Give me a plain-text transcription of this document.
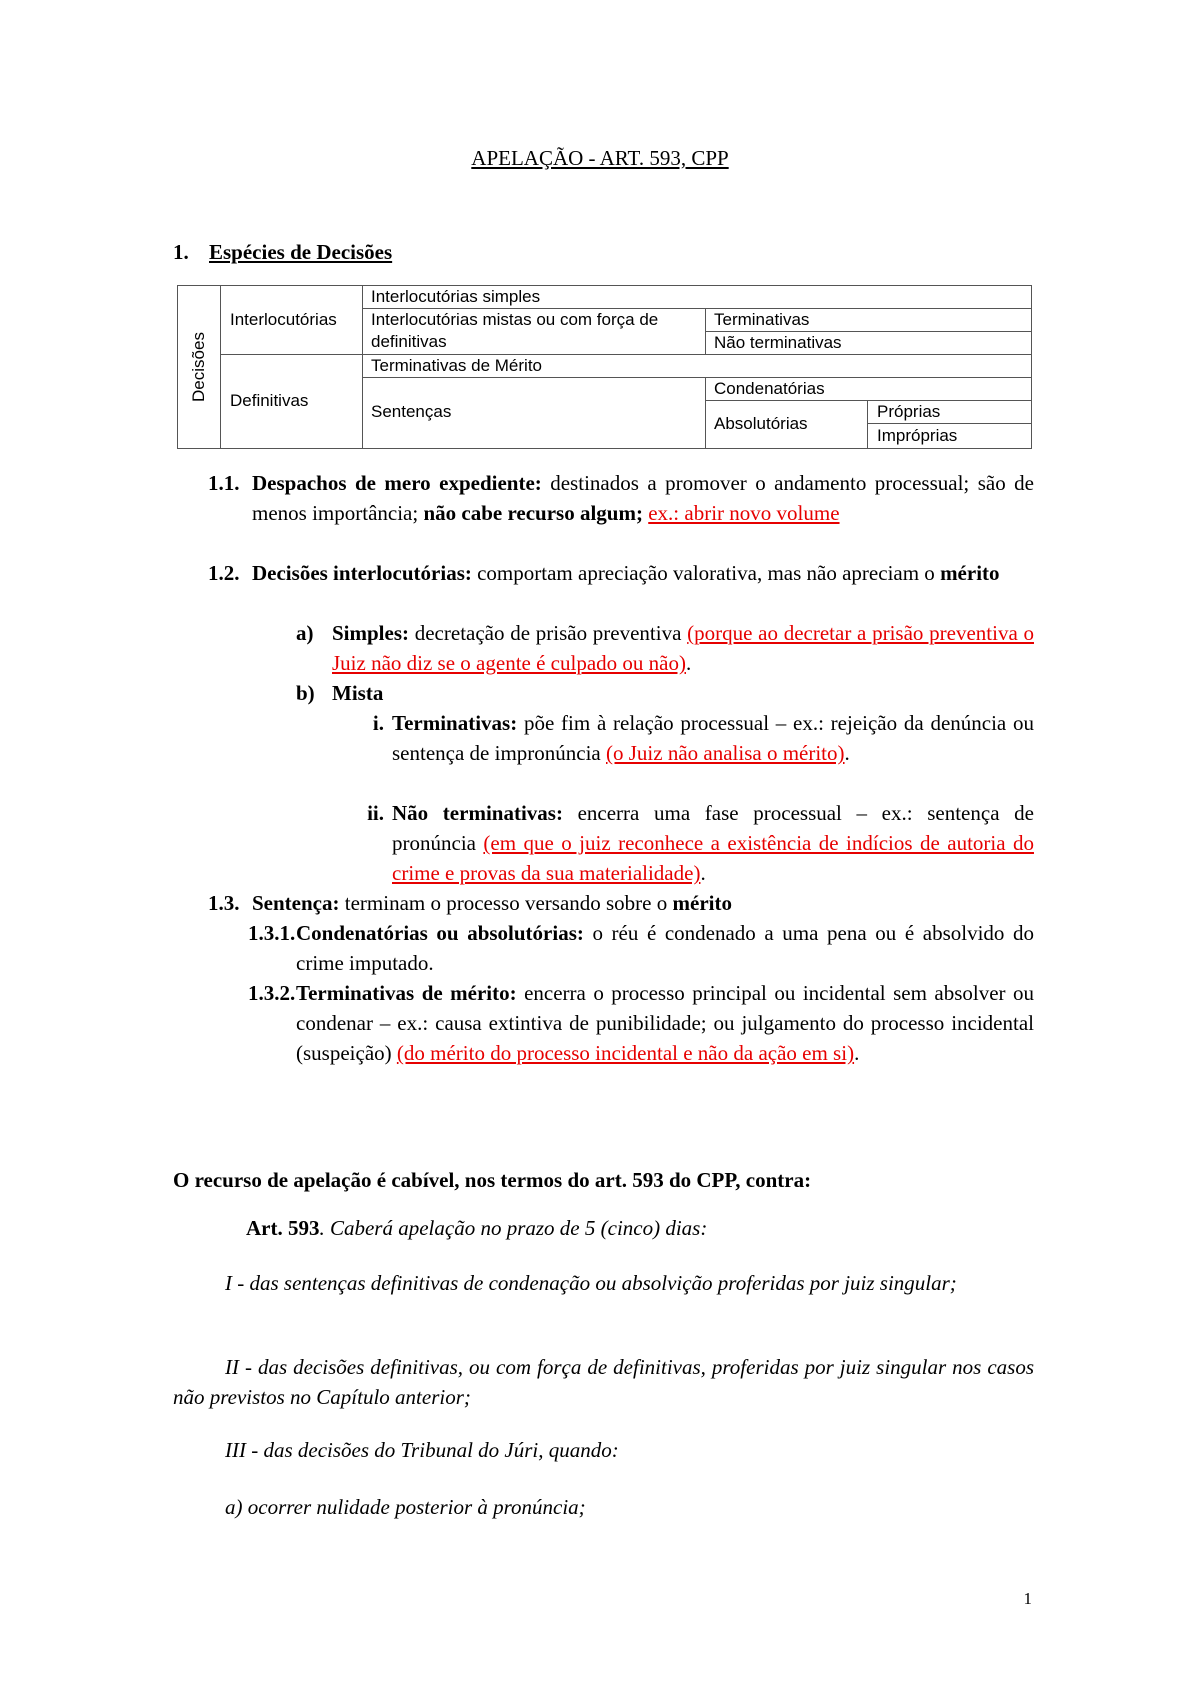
APELAÇÃO - ART. 593, CPP
1. Espécies de Decisões
Decisões
Interlocutórias
Definitivas
Interlocutórias simples
Interlocutórias mistas ou com força de definitivas
Terminativas
Não terminativas
Terminativas de Mérito
Sentenças
Condenatórias
Absolutórias
Próprias
Impróprias
1.1. Despachos de mero expediente: destinados a promover o andamento processual; são de menos importância; não cabe recurso algum; ex.: abrir novo volume
1.2. Decisões interlocutórias: comportam apreciação valorativa, mas não apreciam o mérito
a) Simples: decretação de prisão preventiva (porque ao decretar a prisão preventiva o Juiz não diz se o agente é culpado ou não).
b) Mista
i. Terminativas: põe fim à relação processual – ex.: rejeição da denúncia ou sentença de impronúncia (o Juiz não analisa o mérito).
ii. Não terminativas: encerra uma fase processual – ex.: sentença de pronúncia (em que o juiz reconhece a existência de indícios de autoria do crime e provas da sua materialidade).
1.3. Sentença: terminam o processo versando sobre o mérito
1.3.1. Condenatórias ou absolutórias: o réu é condenado a uma pena ou é absolvido do crime imputado.
1.3.2. Terminativas de mérito: encerra o processo principal ou incidental sem absolver ou condenar – ex.: causa extintiva de punibilidade; ou julgamento do processo incidental (suspeição) (do mérito do processo incidental e não da ação em si).
O recurso de apelação é cabível, nos termos do art. 593 do CPP, contra:
Art. 593. Caberá apelação no prazo de 5 (cinco) dias:
I - das sentenças definitivas de condenação ou absolvição proferidas por juiz singular;
II - das decisões definitivas, ou com força de definitivas, proferidas por juiz singular nos casos não previstos no Capítulo anterior;
III - das decisões do Tribunal do Júri, quando:
a) ocorrer nulidade posterior à pronúncia;
1
